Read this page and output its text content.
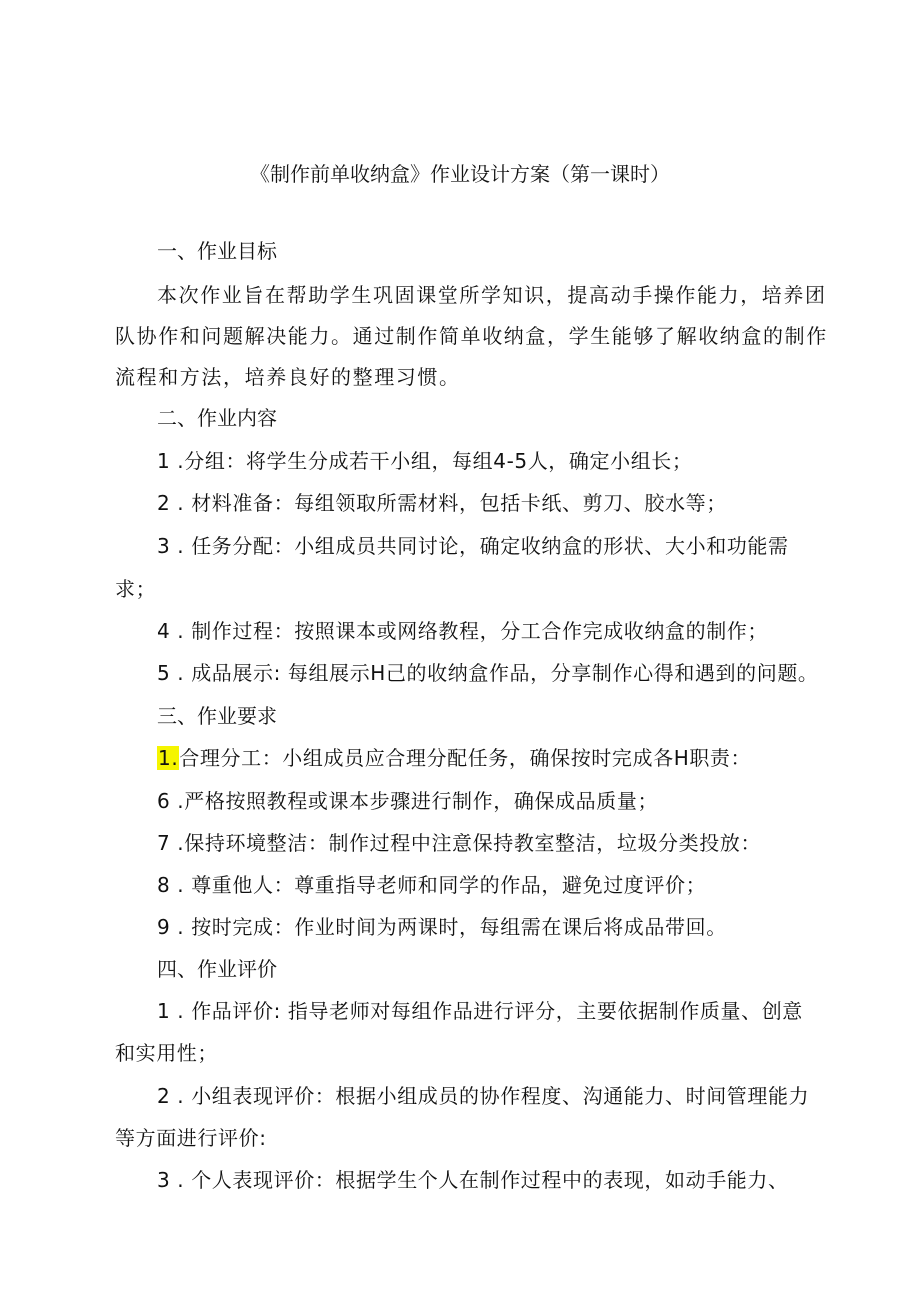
《制作前单收纳盒》作业设计方案（第一课时）
一、作业目标
本次作业旨在帮助学生巩固课堂所学知识，提高动手操作能力，培养团
队协作和问题解决能力。通过制作简单收纳盒，学生能够了解收纳盒的制作
流程和方法，培养良好的整理习惯。
二、作业内容
1 .分组：将学生分成若干小组，每组4-5人，确定小组长；
2 . 材料准备：每组领取所需材料，包括卡纸、剪刀、胶水等；
3 . 任务分配：小组成员共同讨论，确定收纳盒的形状、大小和功能需
求；
4 . 制作过程：按照课本或网络教程，分工合作完成收纳盒的制作；
5 . 成品展示: 每组展示H己的收纳盒作品，分享制作心得和遇到的问题。
三、作业要求
1.合理分工：小组成员应合理分配任务，确保按时完成各H职责：
6 .严格按照教程或课本步骤进行制作，确保成品质量；
7 .保持环境整洁：制作过程中注意保持教室整洁，垃圾分类投放：
8 . 尊重他人：尊重指导老师和同学的作品，避免过度评价；
9 . 按时完成：作业时间为两课时，每组需在课后将成品带回。
四、作业评价
1 . 作品评价: 指导老师对每组作品进行评分，主要依据制作质量、创意
和实用性；
2 . 小组表现评价：根据小组成员的协作程度、沟通能力、时间管理能力
等方面进行评价:
3 . 个人表现评价：根据学生个人在制作过程中的表现，如动手能力、
